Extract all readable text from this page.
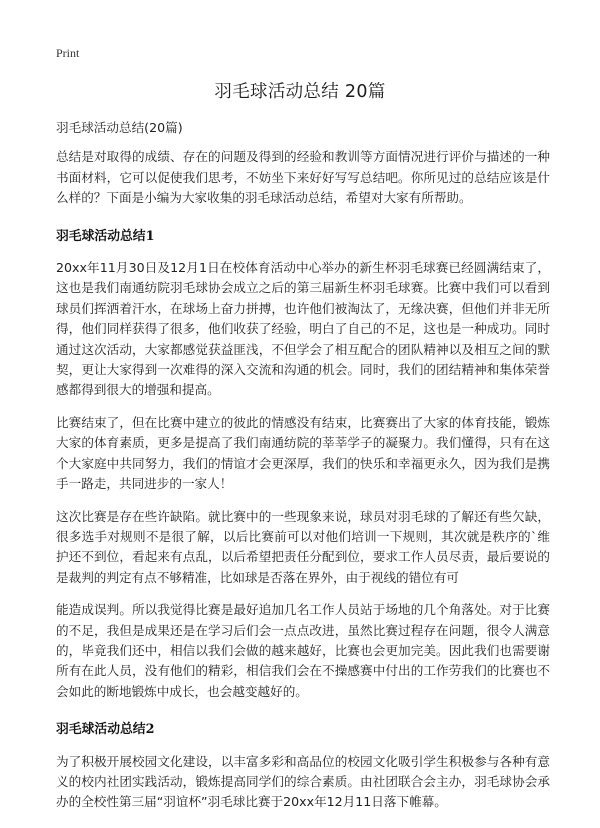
Print
羽毛球活动总结 20篇

羽毛球活动总结(20篇)

总结是对取得的成绩、存在的问题及得到的经验和教训等方面情况进行评价与描述的一种书面材料，它可以促使我们思考，不妨坐下来好好写写总结吧。你所见过的总结应该是什么样的？下面是小编为大家收集的羽毛球活动总结，希望对大家有所帮助。

羽毛球活动总结1

20xx年11月30日及12月1日在校体育活动中心举办的新生杯羽毛球赛已经圆满结束了，这也是我们南通纺院羽毛球协会成立之后的第三届新生杯羽毛球赛。比赛中我们可以看到球员们挥洒着汗水，在球场上奋力拼搏，也许他们被淘汰了，无缘决赛，但他们并非无所得，他们同样获得了很多，他们收获了经验，明白了自己的不足，这也是一种成功。同时通过这次活动，大家都感觉获益匪浅，不但学会了相互配合的团队精神以及相互之间的默契，更让大家得到一次难得的深入交流和沟通的机会。同时，我们的团结精神和集体荣誉感都得到很大的增强和提高。

比赛结束了，但在比赛中建立的彼此的情感没有结束，比赛赛出了大家的体育技能，锻炼大家的体育素质，更多是提高了我们南通纺院的莘莘学子的凝聚力。我们懂得，只有在这个大家庭中共同努力，我们的情谊才会更深厚，我们的快乐和幸福更永久，因为我们是携手一路走，共同进步的一家人！

这次比赛是存在些许缺陷。就比赛中的一些现象来说，球员对羽毛球的了解还有些欠缺，很多选手对规则不是很了解，以后比赛前可以对他们培训一下规则，其次就是秩序的`维护还不到位，看起来有点乱，以后希望把责任分配到位，要求工作人员尽责，最后要说的是裁判的判定有点不够精准，比如球是否落在界外，由于视线的错位有可

能造成误判。所以我觉得比赛是最好追加几名工作人员站于场地的几个角落处。对于比赛的不足，我但是成果还是在学习后们会一点点改进，虽然比赛过程存在问题，很令人满意的，毕竟我们还中，相信以我们会做的越来越好，比赛也会更加完美。因此我们也需要谢所有在此人员，没有他们的精彩，相信我们会在不操感赛中付出的工作劳我们的比赛也不会如此的断地锻炼中成长，也会越变越好的。

羽毛球活动总结2

为了积极开展校园文化建设，以丰富多彩和高品位的校园文化吸引学生积极参与各种有意义的校内社团实践活动，锻炼提高同学们的综合素质。由社团联合会主办，羽毛球协会承办的全校性第三届“羽谊杯”羽毛球比赛于20xx年12月11日落下帷幕。
